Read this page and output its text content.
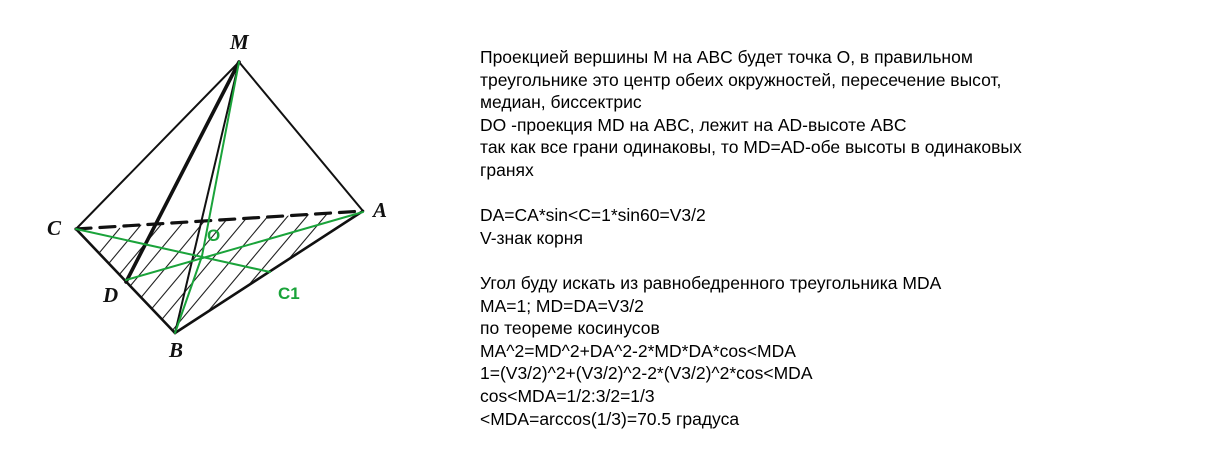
M
A
C
D
B
O
C1
Проекцией вершины M на ABC будет точка O, в правильном
треугольнике это центр обеих окружностей, пересечение высот,
медиан, биссектрис
DO -проекция MD на ABC, лежит на AD-высоте ABC
так как все грани одинаковы, то MD=AD-обе высоты в одинаковых
гранях
DA=CA*sin<C=1*sin60=V3/2
V-знак корня
Угол буду искать из равнобедренного треугольника MDA
MA=1; MD=DA=V3/2
по теореме косинусов
MA^2=MD^2+DA^2-2*MD*DA*cos<MDA
1=(V3/2)^2+(V3/2)^2-2*(V3/2)^2*cos<MDA
cos<MDA=1/2:3/2=1/3
<MDA=arccos(1/3)=70.5 градуса
